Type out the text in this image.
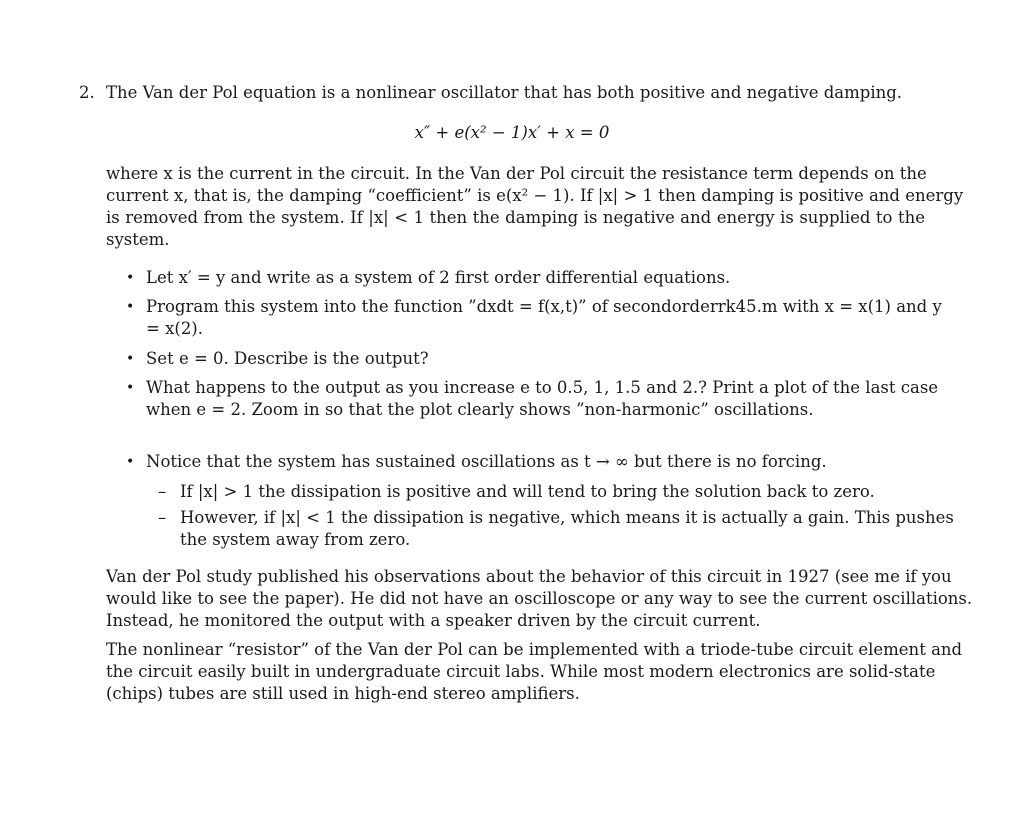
2. The Van der Pol equation is a nonlinear oscillator that has both positive and negative damping.
x″ + e(x² − 1)x′ + x = 0
where x is the current in the circuit. In the Van der Pol circuit the resistance term depends on the
current x, that is, the damping “coefficient” is e(x² − 1). If |x| > 1 then damping is positive and energy
is removed from the system. If |x| < 1 then the damping is negative and energy is supplied to the
system.
• Let x′ = y and write as a system of 2 first order differential equations.
• Program this system into the function ”dxdt = f(x,t)” of secondorderrk45.m with x = x(1) and y
= x(2).
• Set e = 0. Describe is the output?
• What happens to the output as you increase e to 0.5, 1, 1.5 and 2.? Print a plot of the last case
when e = 2. Zoom in so that the plot clearly shows ”non-harmonic” oscillations.
• Notice that the system has sustained oscillations as t → ∞ but there is no forcing.
– If |x| > 1 the dissipation is positive and will tend to bring the solution back to zero.
– However, if |x| < 1 the dissipation is negative, which means it is actually a gain. This pushes
the system away from zero.
Van der Pol study published his observations about the behavior of this circuit in 1927 (see me if you
would like to see the paper). He did not have an oscilloscope or any way to see the current oscillations.
Instead, he monitored the output with a speaker driven by the circuit current.
The nonlinear “resistor” of the Van der Pol can be implemented with a triode-tube circuit element and
the circuit easily built in undergraduate circuit labs. While most modern electronics are solid-state
(chips) tubes are still used in high-end stereo amplifiers.
